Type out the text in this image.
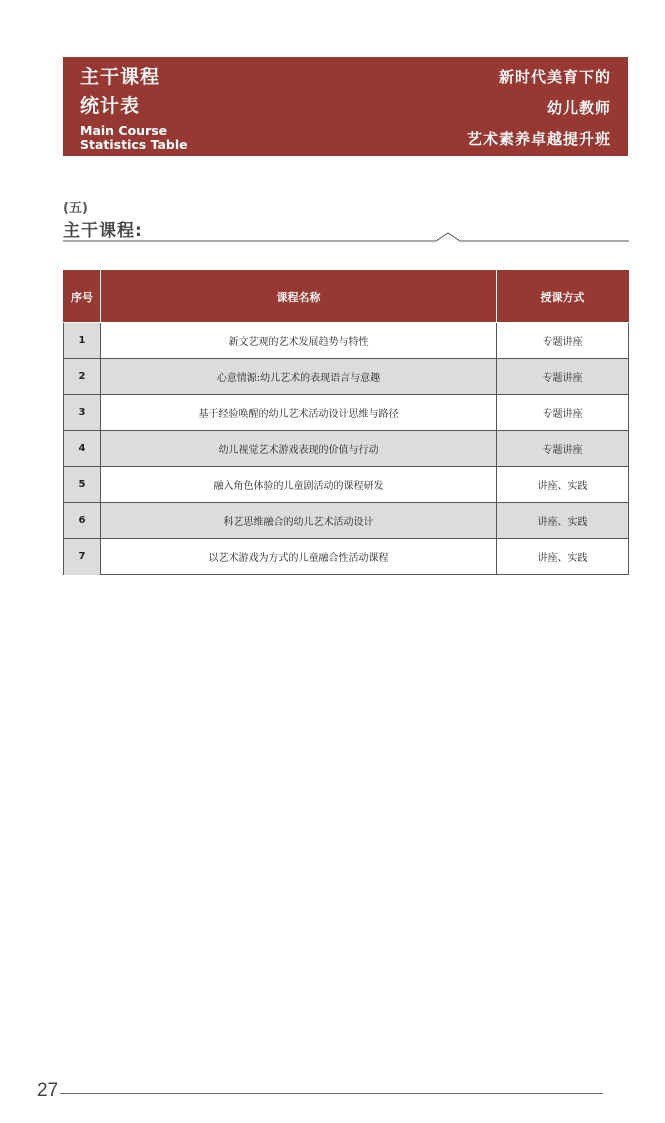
主干课程
统计表
Main Course
Statistics Table
新时代美育下的
幼儿教师
艺术素养卓越提升班
(五)
主干课程:
序号	课程名称	授课方式
1	新文艺观的艺术发展趋势与特性	专题讲座
2	心意情源:幼儿艺术的表现语言与意趣	专题讲座
3	基于经验唤醒的幼儿艺术活动设计思维与路径	专题讲座
4	幼儿视觉艺术游戏表现的价值与行动	专题讲座
5	融入角色体验的儿童剧活动的课程研发	讲座、实践
6	科艺思维融合的幼儿艺术活动设计	讲座、实践
7	以艺术游戏为方式的儿童融合性活动课程	讲座、实践
27
